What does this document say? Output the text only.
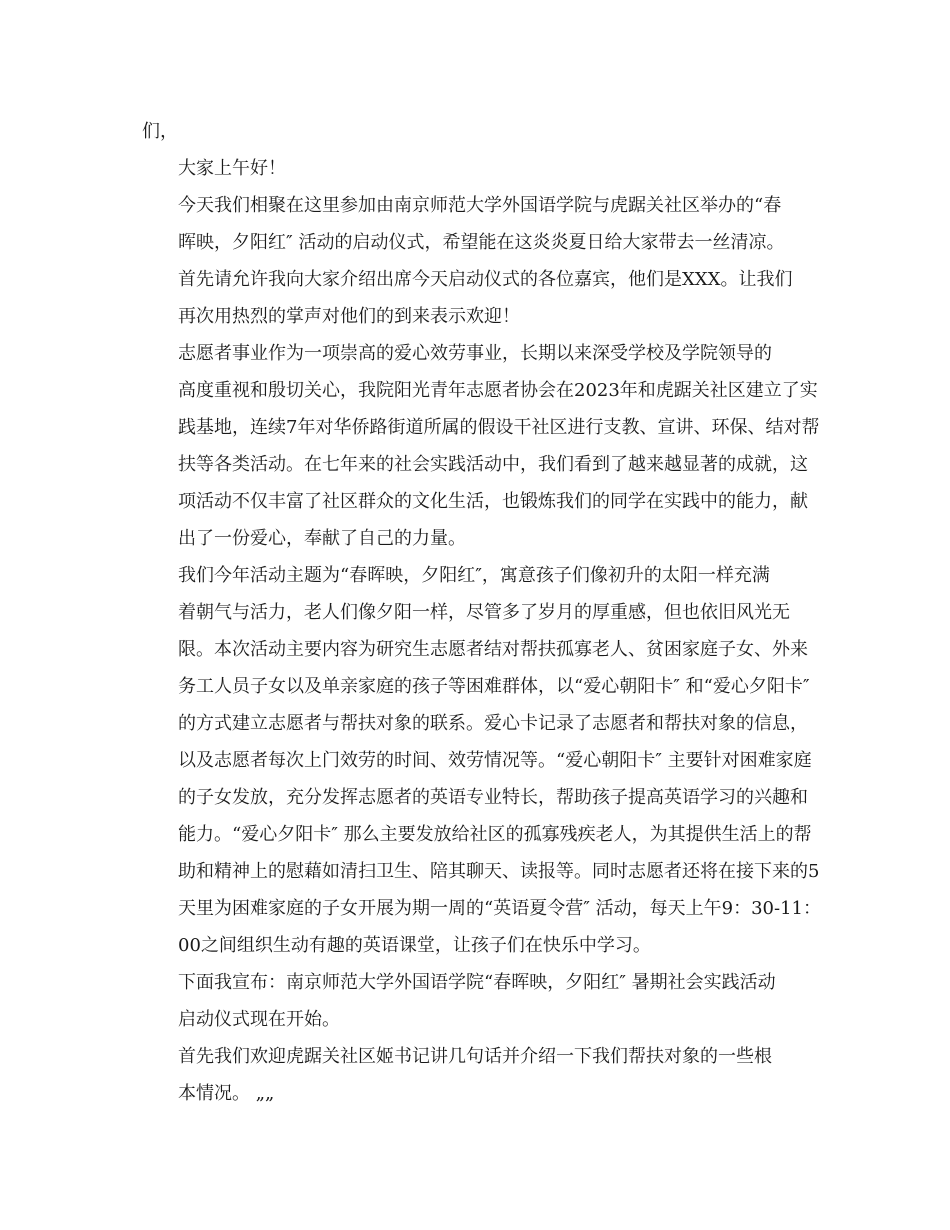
们，
大家上午好！
今天我们相聚在这里参加由南京师范大学外国语学院与虎踞关社区举办的“春
晖映，夕阳红″ 活动的启动仪式，希望能在这炎炎夏日给大家带去一丝清凉。
首先请允许我向大家介绍出席今天启动仪式的各位嘉宾，他们是XXX。让我们
再次用热烈的掌声对他们的到来表示欢迎！
志愿者事业作为一项崇高的爱心效劳事业，长期以来深受学校及学院领导的
高度重视和殷切关心，我院阳光青年志愿者协会在2023年和虎踞关社区建立了实
践基地，连续7年对华侨路街道所属的假设干社区进行支教、宣讲、环保、结对帮
扶等各类活动。在七年来的社会实践活动中，我们看到了越来越显著的成就，这
项活动不仅丰富了社区群众的文化生活，也锻炼我们的同学在实践中的能力，献
出了一份爱心，奉献了自己的力量。
我们今年活动主题为“春晖映，夕阳红″，寓意孩子们像初升的太阳一样充满
着朝气与活力，老人们像夕阳一样，尽管多了岁月的厚重感，但也依旧风光无
限。本次活动主要内容为研究生志愿者结对帮扶孤寡老人、贫困家庭子女、外来
务工人员子女以及单亲家庭的孩子等困难群体，以“爱心朝阳卡″ 和“爱心夕阳卡″
的方式建立志愿者与帮扶对象的联系。爱心卡记录了志愿者和帮扶对象的信息，
以及志愿者每次上门效劳的时间、效劳情况等。“爱心朝阳卡″ 主要针对困难家庭
的子女发放，充分发挥志愿者的英语专业特长，帮助孩子提高英语学习的兴趣和
能力。“爱心夕阳卡″ 那么主要发放给社区的孤寡残疾老人，为其提供生活上的帮
助和精神上的慰藉如清扫卫生、陪其聊天、读报等。同时志愿者还将在接下来的5
天里为困难家庭的子女开展为期一周的“英语夏令营″ 活动，每天上午9：30-11：
00之间组织生动有趣的英语课堂，让孩子们在快乐中学习。
下面我宣布：南京师范大学外国语学院“春晖映，夕阳红″ 暑期社会实践活动
启动仪式现在开始。
首先我们欢迎虎踞关社区姬书记讲几句话并介绍一下我们帮扶对象的一些根
本情况。 „„
